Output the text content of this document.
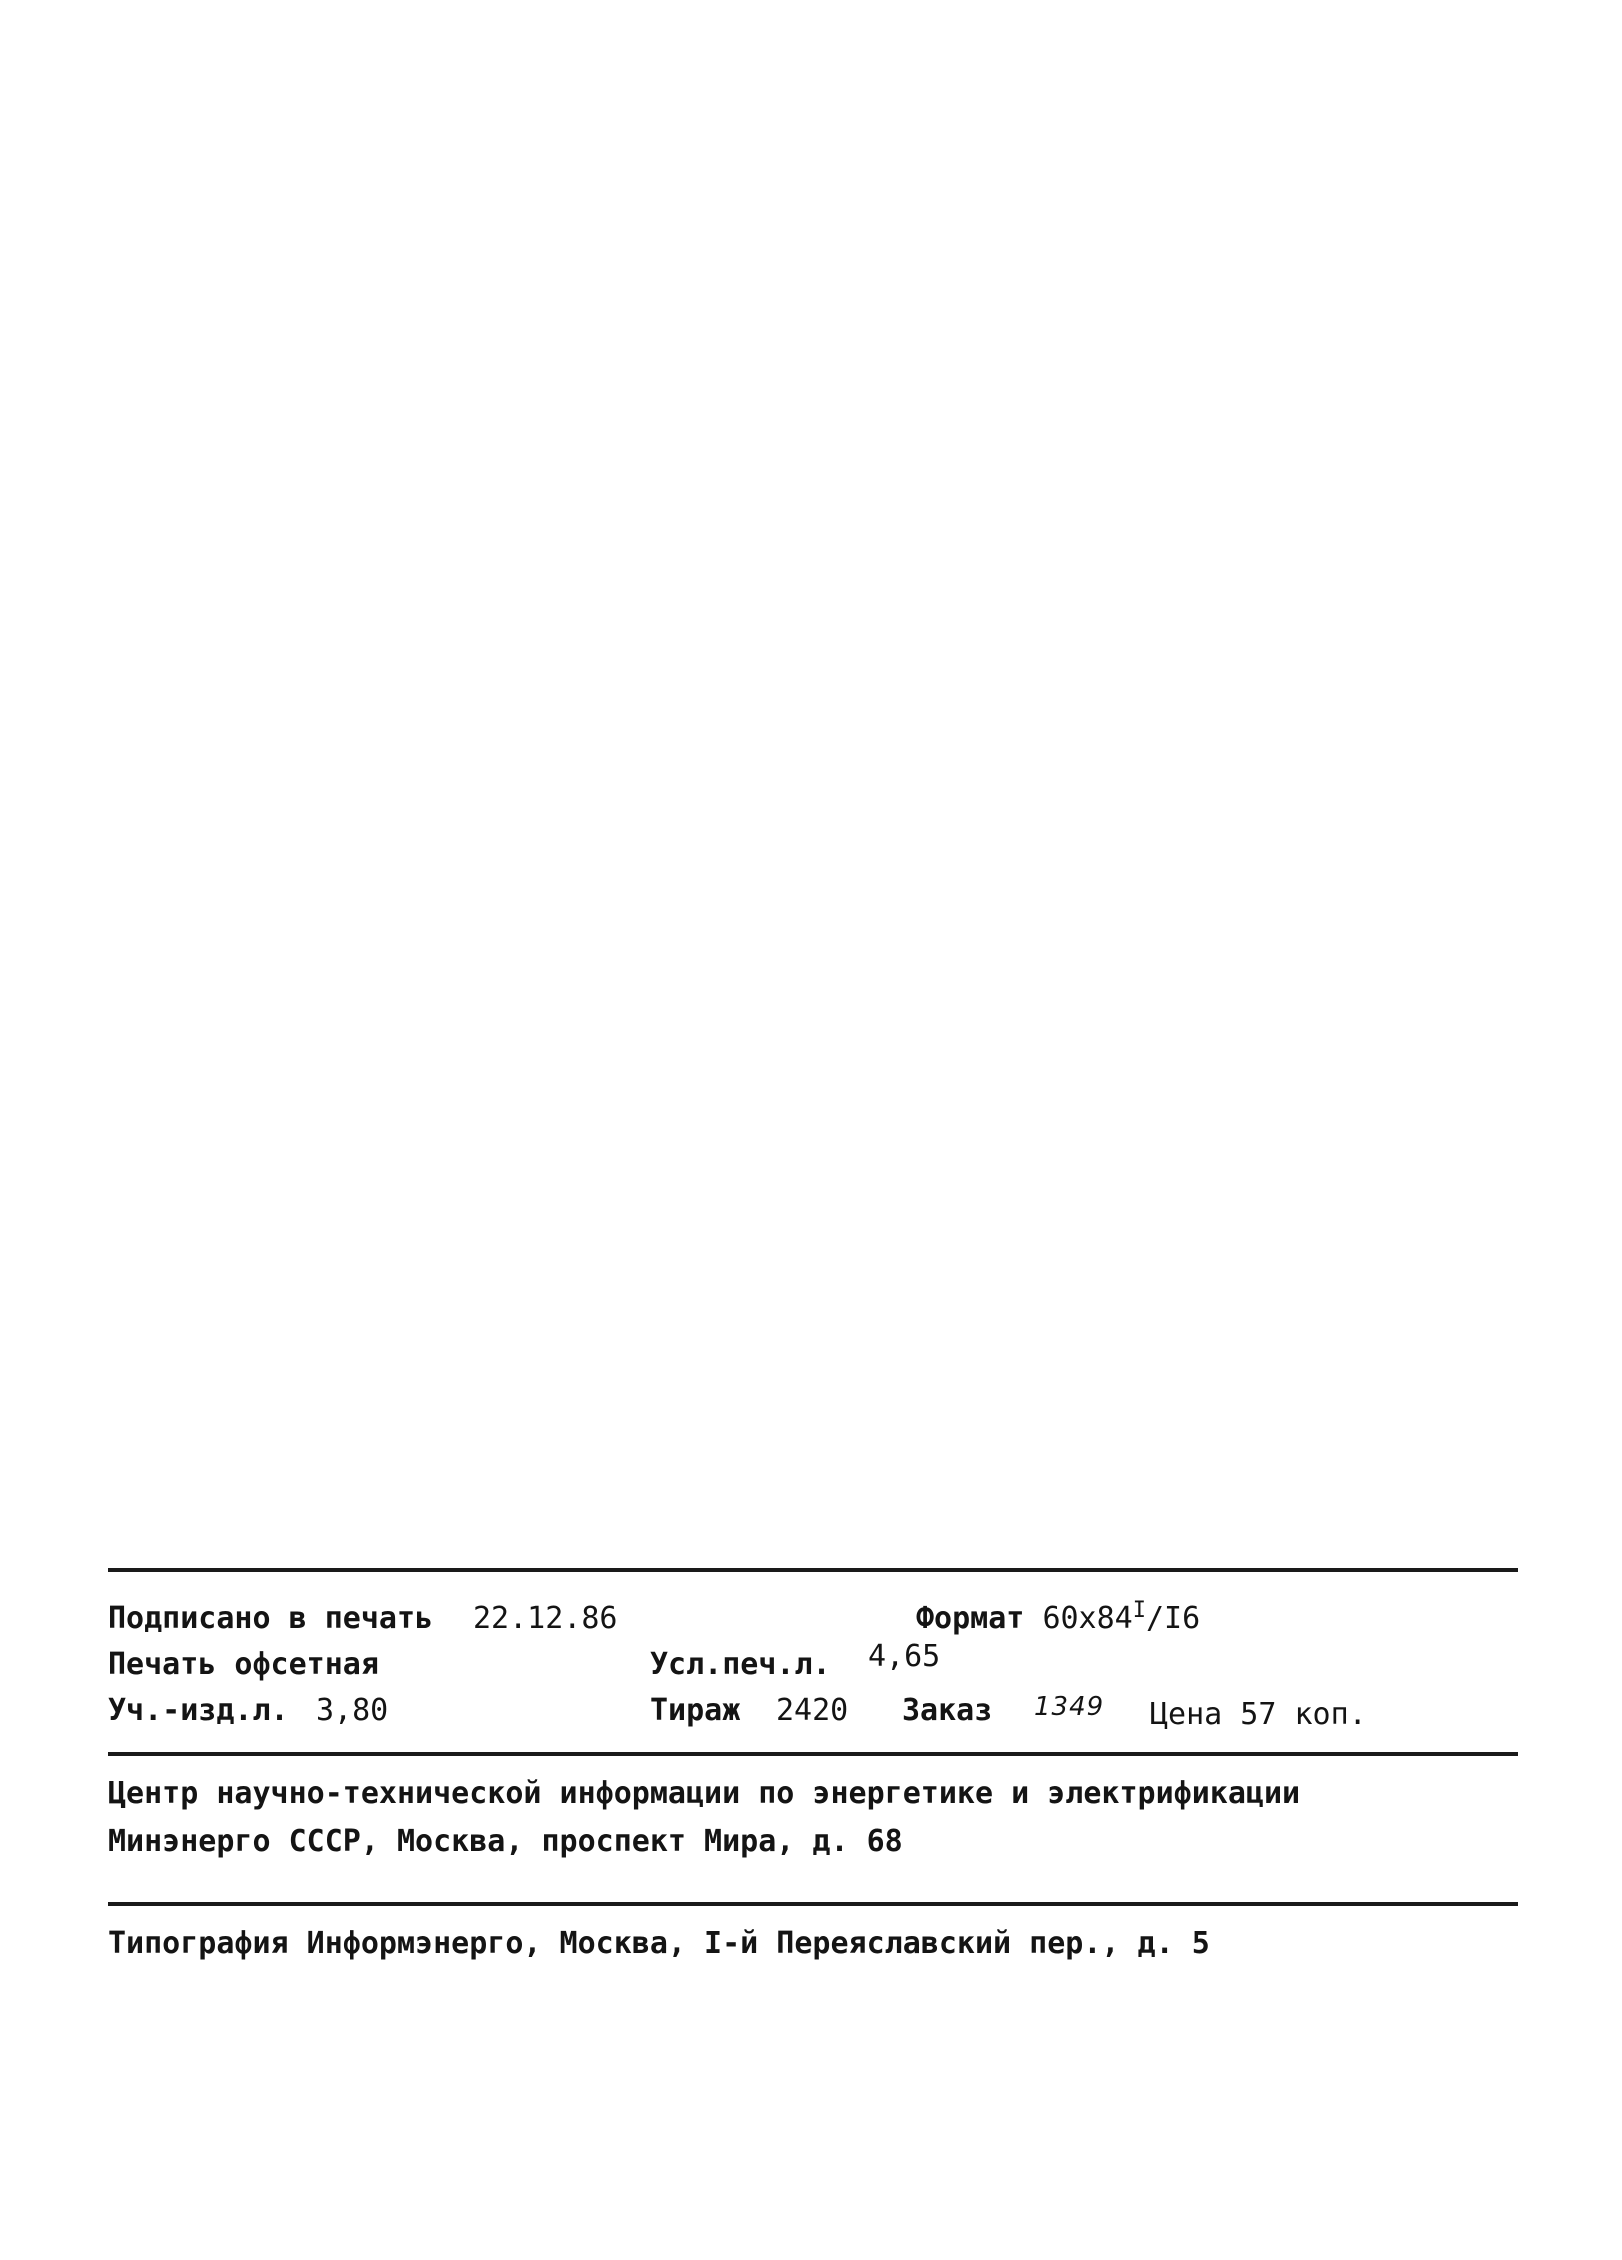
Подписано в печать 22.12.86	Формат $60х84^I/I6$
Печать офсетная	Усл.печ.л. 4,65
Уч.-изд.л. 3,80	Тираж 2420 Заказ 1349 Цена 57 коп.
Центр научно-технической информации по энергетике и электрификации
Минэнерго СССР, Москва, проспект Мира, д. 68
Типография Информэнерго, Москва, I-й Переяславский пер., д. 5
